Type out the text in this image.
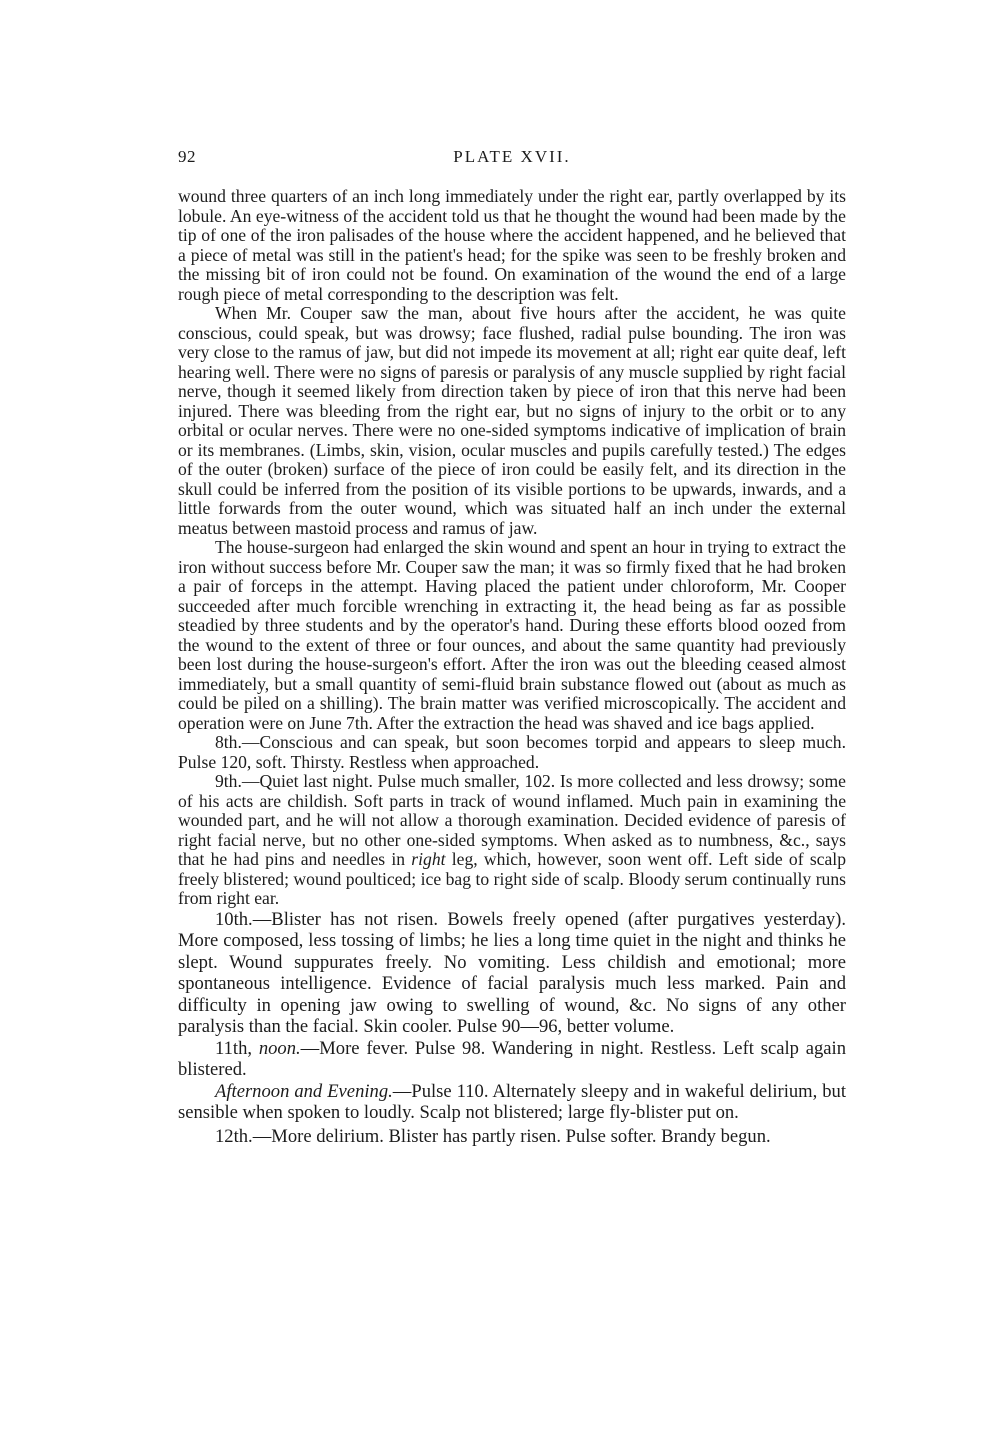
92	PLATE XVII.

wound three quarters of an inch long immediately under the right ear, partly overlapped by its lobule. An eye-witness of the accident told us that he thought the wound had been made by the tip of one of the iron palisades of the house where the accident happened, and he believed that a piece of metal was still in the patient's head; for the spike was seen to be freshly broken and the missing bit of iron could not be found. On examination of the wound the end of a large rough piece of metal corresponding to the description was felt.

When Mr. Couper saw the man, about five hours after the accident, he was quite conscious, could speak, but was drowsy; face flushed, radial pulse bounding. The iron was very close to the ramus of jaw, but did not impede its movement at all; right ear quite deaf, left hearing well. There were no signs of paresis or paralysis of any muscle supplied by right facial nerve, though it seemed likely from direction taken by piece of iron that this nerve had been injured. There was bleeding from the right ear, but no signs of injury to the orbit or to any orbital or ocular nerves. There were no one-sided symptoms indicative of implication of brain or its membranes. (Limbs, skin, vision, ocular muscles and pupils carefully tested.) The edges of the outer (broken) surface of the piece of iron could be easily felt, and its direction in the skull could be inferred from the position of its visible portions to be upwards, inwards, and a little forwards from the outer wound, which was situated half an inch under the external meatus between mastoid process and ramus of jaw.

The house-surgeon had enlarged the skin wound and spent an hour in trying to extract the iron without success before Mr. Couper saw the man; it was so firmly fixed that he had broken a pair of forceps in the attempt. Having placed the patient under chloroform, Mr. Cooper succeeded after much forcible wrenching in extracting it, the head being as far as possible steadied by three students and by the operator's hand. During these efforts blood oozed from the wound to the extent of three or four ounces, and about the same quantity had previously been lost during the house-surgeon's effort. After the iron was out the bleeding ceased almost immediately, but a small quantity of semi-fluid brain substance flowed out (about as much as could be piled on a shilling). The brain matter was verified microscopically. The accident and operation were on June 7th. After the extraction the head was shaved and ice bags applied.

8th.—Conscious and can speak, but soon becomes torpid and appears to sleep much. Pulse 120, soft. Thirsty. Restless when approached.

9th.—Quiet last night. Pulse much smaller, 102. Is more collected and less drowsy; some of his acts are childish. Soft parts in track of wound inflamed. Much pain in examining the wounded part, and he will not allow a thorough examination. Decided evidence of paresis of right facial nerve, but no other one-sided symptoms. When asked as to numbness, &c., says that he had pins and needles in right leg, which, however, soon went off. Left side of scalp freely blistered; wound poulticed; ice bag to right side of scalp. Bloody serum continually runs from right ear.

10th.—Blister has not risen. Bowels freely opened (after purgatives yesterday). More composed, less tossing of limbs; he lies a long time quiet in the night and thinks he slept. Wound suppurates freely. No vomiting. Less childish and emotional; more spontaneous intelligence. Evidence of facial paralysis much less marked. Pain and difficulty in opening jaw owing to swelling of wound, &c. No signs of any other paralysis than the facial. Skin cooler. Pulse 90—96, better volume.

11th, noon.—More fever. Pulse 98. Wandering in night. Restless. Left scalp again blistered.

Afternoon and Evening.—Pulse 110. Alternately sleepy and in wakeful delirium, but sensible when spoken to loudly. Scalp not blistered; large fly-blister put on.

12th.—More delirium. Blister has partly risen. Pulse softer. Brandy begun.
